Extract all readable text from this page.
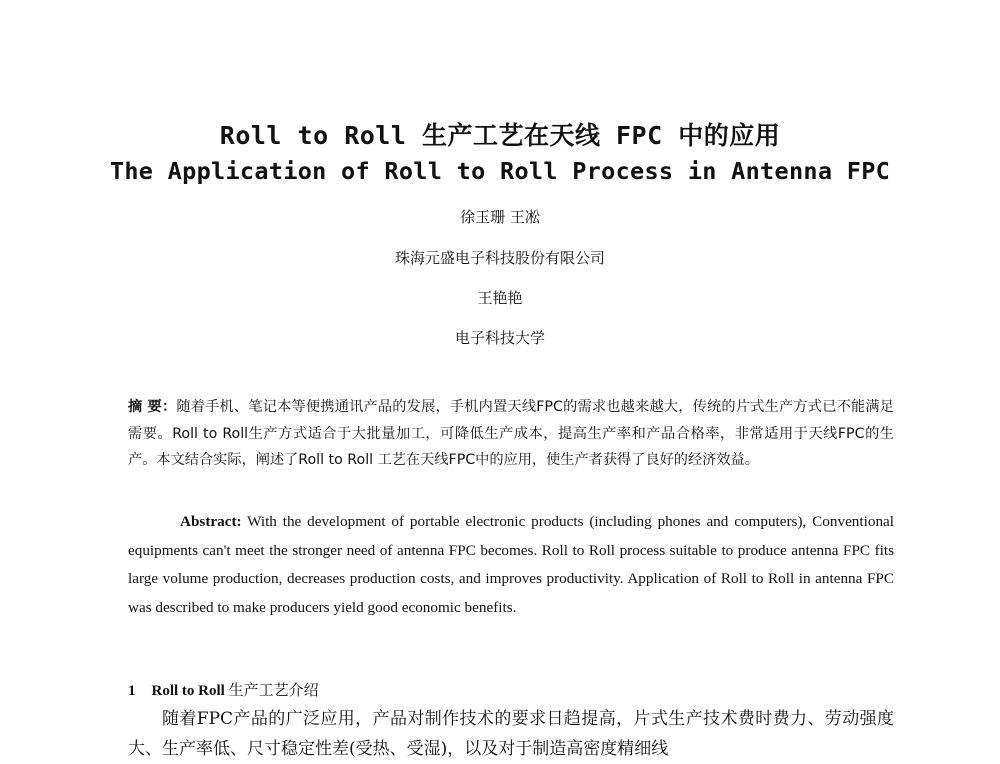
Roll to Roll 生产工艺在天线 FPC 中的应用
The Application of Roll to Roll Process in Antenna FPC
徐玉珊 王凇
珠海元盛电子科技股份有限公司
王艳艳
电子科技大学
摘 要：随着手机、笔记本等便携通讯产品的发展，手机内置天线FPC的需求也越来越大，传统的片式生产方式已不能满足需要。Roll to Roll生产方式适合于大批量加工，可降低生产成本，提高生产率和产品合格率，非常适用于天线FPC的生产。本文结合实际，阐述了Roll to Roll 工艺在天线FPC中的应用，使生产者获得了良好的经济效益。
Abstract: With the development of portable electronic products (including phones and computers), Conventional equipments can't meet the stronger need of antenna FPC becomes. Roll to Roll process suitable to produce antenna FPC fits large volume production, decreases production costs, and improves productivity. Application of Roll to Roll in antenna FPC was described to make producers yield good economic benefits.
1 Roll to Roll 生产工艺介绍
随着FPC产品的广泛应用，产品对制作技术的要求日趋提高，片式生产技术费时费力、劳动强度大、生产率低、尺寸稳定性差(受热、受湿)，以及对于制造高密度精细线
